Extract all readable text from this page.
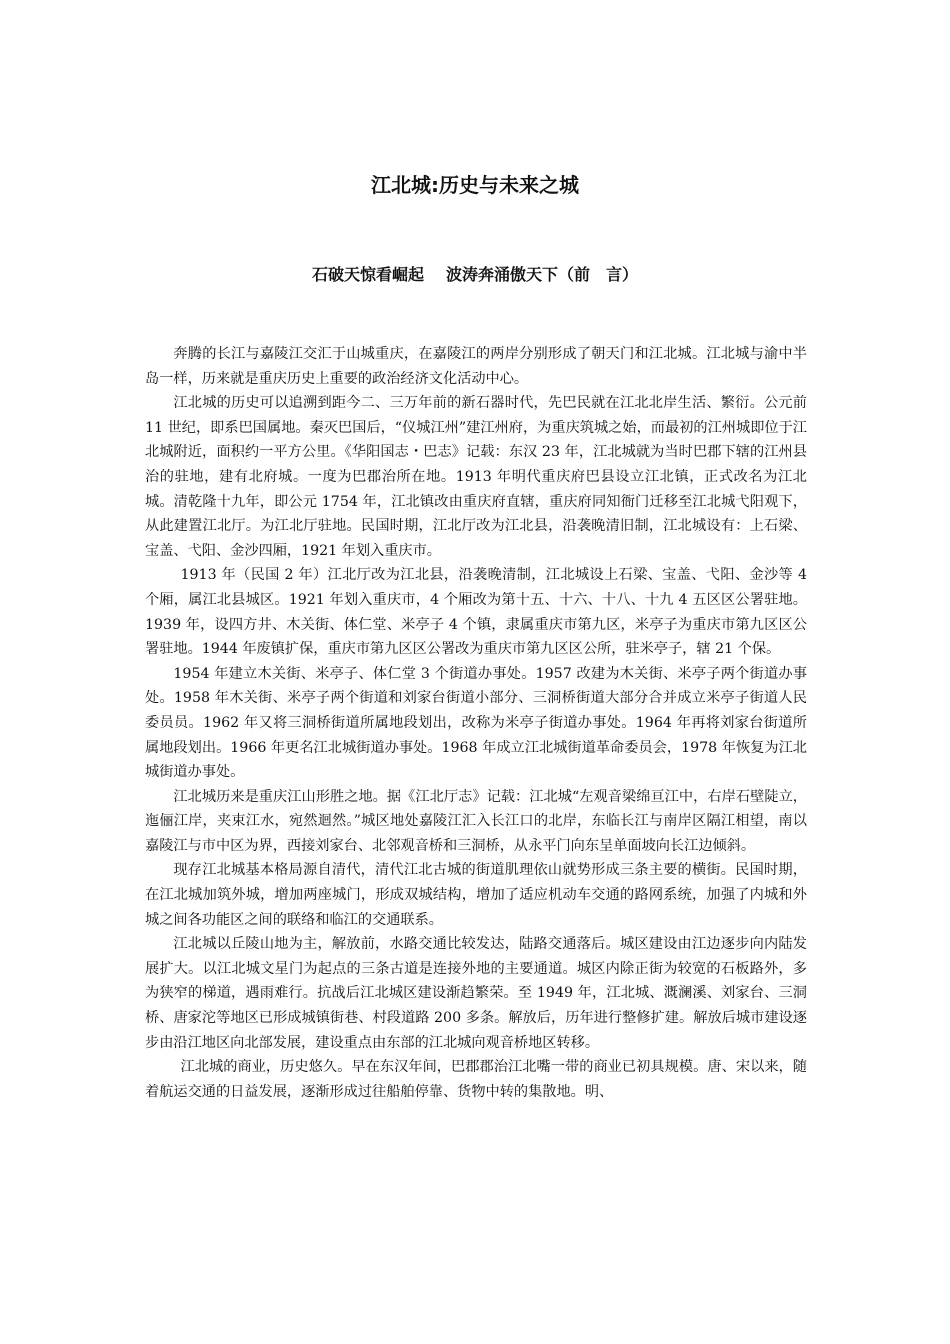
江北城:历史与未来之城
石破天惊看崛起 波涛奔涌傲天下（前　言）

奔腾的长江与嘉陵江交汇于山城重庆，在嘉陵江的两岸分别形成了朝天门和江北城。江北城与渝中半岛一样，历来就是重庆历史上重要的政治经济文化活动中心。

江北城的历史可以追溯到距今二、三万年前的新石器时代，先巴民就在江北北岸生活、繁衍。公元前 11 世纪，即系巴国属地。秦灭巴国后，“仪城江州”建江州府，为重庆筑城之始，而最初的江州城即位于江北城附近，面积约一平方公里。《华阳国志・巴志》记载：东汉 23 年，江北城就为当时巴郡下辖的江州县治的驻地，建有北府城。一度为巴郡治所在地。1913 年明代重庆府巴县设立江北镇，正式改名为江北城。清乾隆十九年，即公元 1754 年，江北镇改由重庆府直辖，重庆府同知衙门迁移至江北城弋阳观下，从此建置江北厅。为江北厅驻地。民国时期，江北厅改为江北县，沿袭晚清旧制，江北城设有：上石梁、宝盖、弋阳、金沙四厢，1921 年划入重庆市。

1913 年（民国 2 年）江北厅改为江北县，沿袭晚清制，江北城设上石梁、宝盖、弋阳、金沙等 4 个厢，属江北县城区。1921 年划入重庆市，4 个厢改为第十五、十六、十八、十九 4 五区区公署驻地。1939 年，设四方井、木关街、体仁堂、米亭子 4 个镇，隶属重庆市第九区，米亭子为重庆市第九区区公署驻地。1944 年废镇扩保，重庆市第九区区公署改为重庆市第九区区公所，驻米亭子，辖 21 个保。

1954 年建立木关街、米亭子、体仁堂 3 个街道办事处。1957 改建为木关街、米亭子两个街道办事处。1958 年木关街、米亭子两个街道和刘家台街道小部分、三洞桥街道大部分合并成立米亭子街道人民委员员。1962 年又将三洞桥街道所属地段划出，改称为米亭子街道办事处。1964 年再将刘家台街道所属地段划出。1966 年更名江北城街道办事处。1968 年成立江北城街道革命委员会，1978 年恢复为江北城街道办事处。

江北城历来是重庆江山形胜之地。据《江北厅志》记载：江北城“左观音梁绵亘江中，右岸石壁陡立，迤俪江岸，夹束江水，宛然迴然。”城区地处嘉陵江汇入长江口的北岸，东临长江与南岸区隔江相望，南以嘉陵江与市中区为界，西接刘家台、北邻观音桥和三洞桥，从永平门向东呈单面坡向长江边倾斜。

现存江北城基本格局源自清代，清代江北古城的街道肌理依山就势形成三条主要的横街。民国时期，在江北城加筑外城，增加两座城门，形成双城结构，增加了适应机动车交通的路网系统，加强了内城和外城之间各功能区之间的联络和临江的交通联系。

江北城以丘陵山地为主，解放前，水路交通比较发达，陆路交通落后。城区建设由江边逐步向内陆发展扩大。以江北城文星门为起点的三条古道是连接外地的主要通道。城区内除正街为较宽的石板路外，多为狭窄的梯道，遇雨难行。抗战后江北城区建设渐趋繁荣。至 1949 年，江北城、溉澜溪、刘家台、三洞桥、唐家沱等地区已形成城镇街巷、村段道路 200 多条。解放后，历年进行整修扩建。解放后城市建设逐步由沿江地区向北部发展，建设重点由东部的江北城向观音桥地区转移。

江北城的商业，历史悠久。早在东汉年间，巴郡郡治江北嘴一带的商业已初具规模。唐、宋以来，随着航运交通的日益发展，逐渐形成过往船舶停靠、货物中转的集散地。明、
